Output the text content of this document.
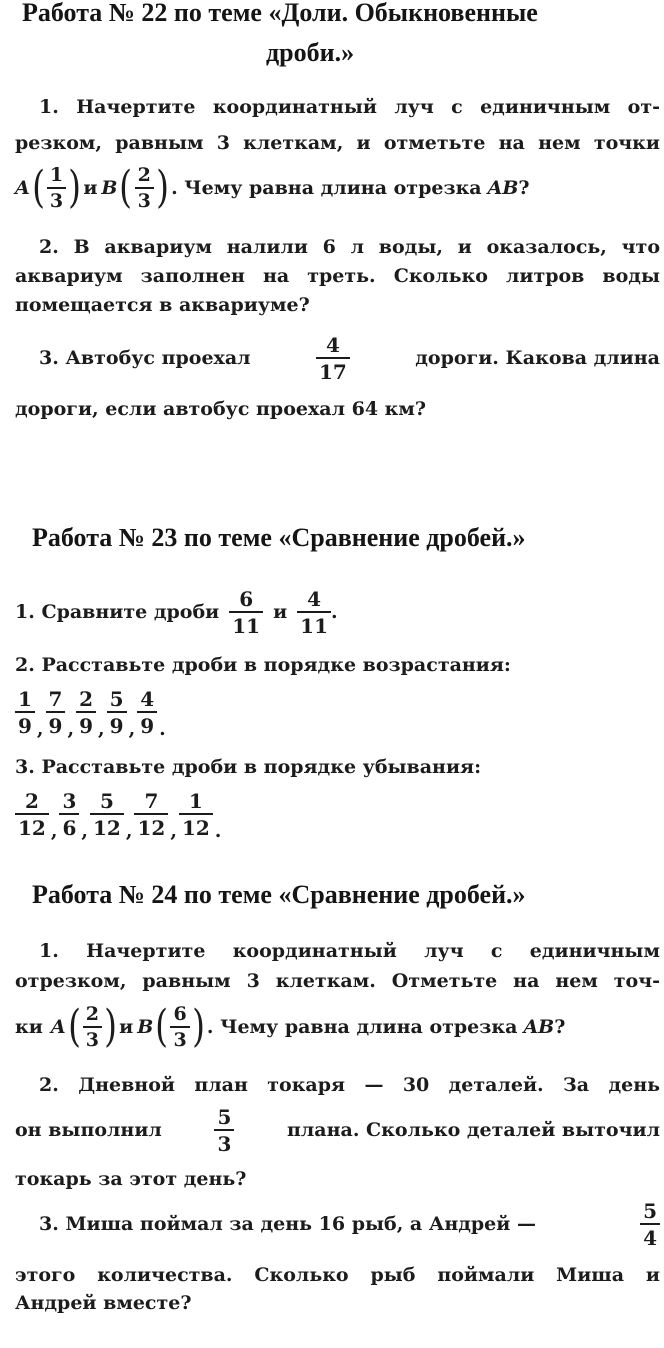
Работа № 22 по теме «Доли. Обыкновенные
дроби.»
1. Начертите координатный луч с единичным от-
резком, равным 3 клеткам, и отметьте на нем точки
A ( $\frac{1}{3}$ ) и B ( $\frac{2}{3}$ ) . Чему равна длина отрезка AB ?
2. В аквариум налили 6 л воды, и оказалось, что
аквариум заполнен на треть. Сколько литров воды
помещается в аквариуме?
3. Автобус проехал	$\frac{4}{17}$	дороги. Какова длина
дороги, если автобус проехал 64 км?
Работа № 23 по теме «Сравнение дробей.»
1. Сравните дроби $\frac{6}{11}$ и $\frac{4}{11}$ .
2. Расставьте дроби в порядке возрастания:
$\frac{1}{9}$ , $\frac{7}{9}$ , $\frac{2}{9}$ , $\frac{5}{9}$ , $\frac{4}{9}$ .
3. Расставьте дроби в порядке убывания:
$\frac{2}{12}$ , $\frac{3}{6}$ , $\frac{5}{12}$ , $\frac{7}{12}$ , $\frac{1}{12}$ .
Работа № 24 по теме «Сравнение дробей.»
1. Начертите координатный луч с единичным
отрезком, равным 3 клеткам. Отметьте на нем точ-
ки A ( $\frac{2}{3}$ ) и B ( $\frac{6}{3}$ ) . Чему равна длина отрезка AB ?
2. Дневной план токаря — 30 деталей. За день
он выполнил	$\frac{5}{3}$	плана. Сколько деталей выточил
токарь за этот день?
3. Миша поймал за день 16 рыб, а Андрей —	$\frac{5}{4}$
этого количества. Сколько рыб поймали Миша и
Андрей вместе?
